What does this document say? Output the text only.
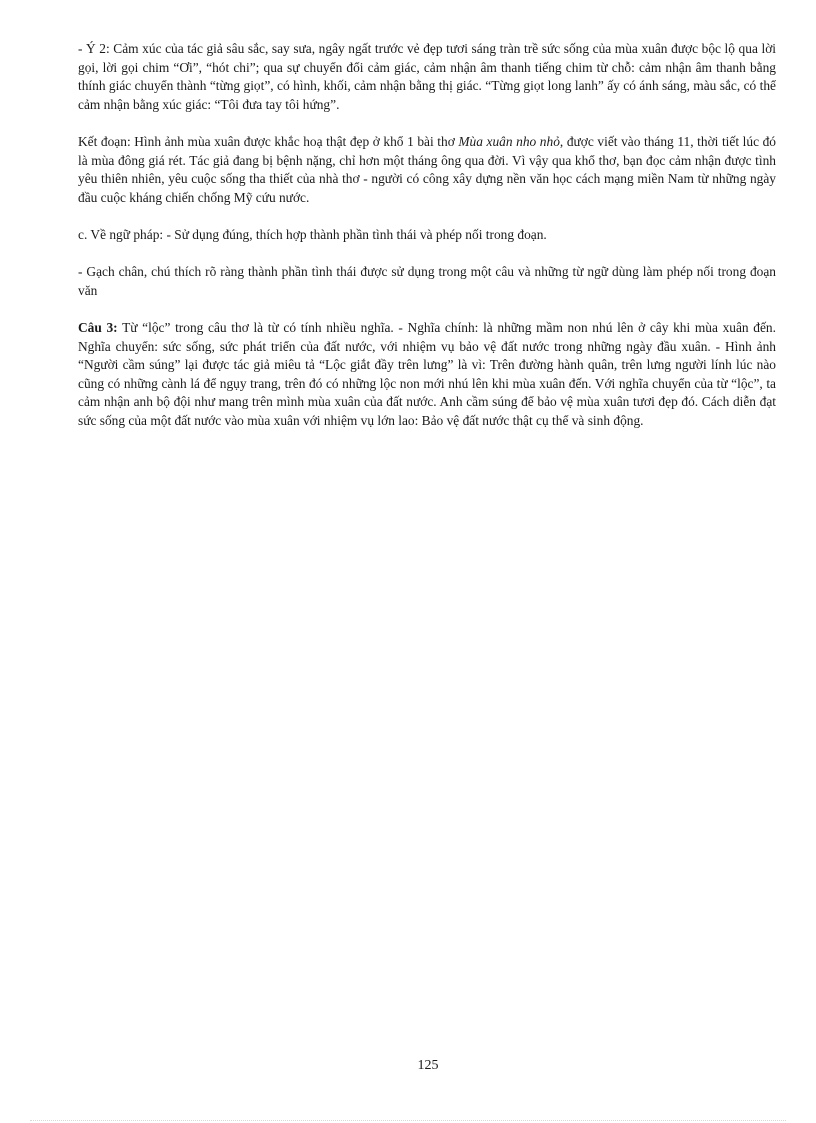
- Ý 2: Cảm xúc của tác giả sâu sắc, say sưa, ngây ngất trước vẻ đẹp tươi sáng tràn trề sức sống của mùa xuân được bộc lộ qua lời gọi, lời gọi chim “Ơi”, “hót chi”; qua sự chuyển đổi cảm giác, cảm nhận âm thanh tiếng chim từ chỗ: cảm nhận âm thanh bằng thính giác chuyển thành “từng giọt”, có hình, khối, cảm nhận bằng thị giác. “Từng giọt long lanh” ấy có ánh sáng, màu sắc, có thể cảm nhận bằng xúc giác: “Tôi đưa tay tôi hứng”.

Kết đoạn: Hình ảnh mùa xuân được khắc hoạ thật đẹp ở khổ 1 bài thơ Mùa xuân nho nhỏ, được viết vào tháng 11, thời tiết lúc đó là mùa đông giá rét. Tác giả đang bị bệnh nặng, chỉ hơn một tháng ông qua đời. Vì vậy qua khổ thơ, bạn đọc cảm nhận được tình yêu thiên nhiên, yêu cuộc sống tha thiết của nhà thơ - người có công xây dựng nền văn học cách mạng miền Nam từ những ngày đầu cuộc kháng chiến chống Mỹ cứu nước.

c. Về ngữ pháp: - Sử dụng đúng, thích hợp thành phần tình thái và phép nối trong đoạn.

- Gạch chân, chú thích rõ ràng thành phần tình thái được sử dụng trong một câu và những từ ngữ dùng làm phép nối trong đoạn văn

Câu 3: Từ “lộc” trong câu thơ là từ có tính nhiều nghĩa. - Nghĩa chính: là những mầm non nhú lên ở cây khi mùa xuân đến. Nghĩa chuyển: sức sống, sức phát triển của đất nước, với nhiệm vụ bảo vệ đất nước trong những ngày đầu xuân. - Hình ảnh “Người cầm súng” lại được tác giả miêu tả “Lộc giắt đầy trên lưng” là vì: Trên đường hành quân, trên lưng người lính lúc nào cũng có những cành lá để ngụy trang, trên đó có những lộc non mới nhú lên khi mùa xuân đến. Với nghĩa chuyển của từ “lộc”, ta cảm nhận anh bộ đội như mang trên mình mùa xuân của đất nước. Anh cầm súng để bảo vệ mùa xuân tươi đẹp đó. Cách diễn đạt sức sống của một đất nước vào mùa xuân với nhiệm vụ lớn lao: Bảo vệ đất nước thật cụ thể và sinh động.

125
